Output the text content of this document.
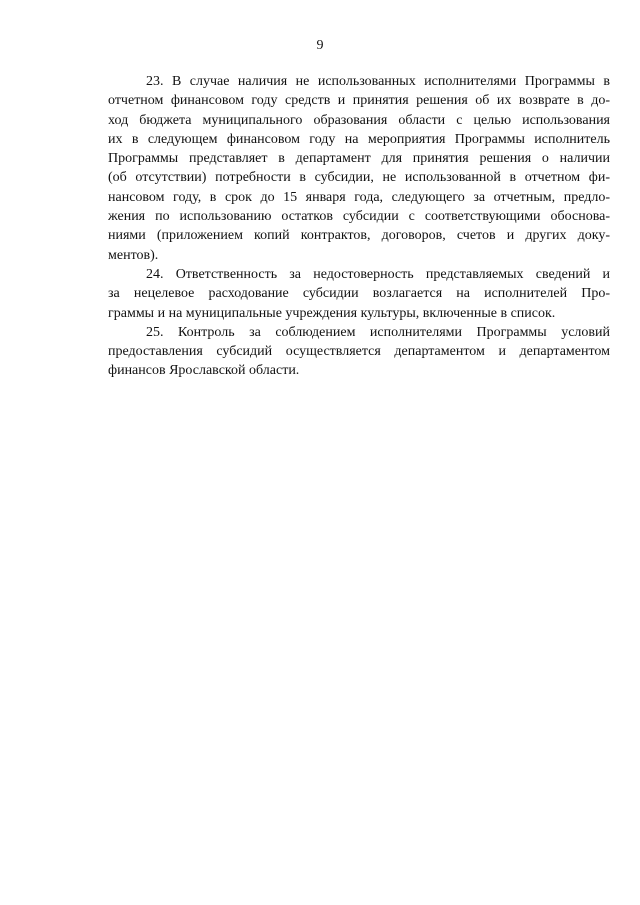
9
23. В случае наличия не использованных исполнителями Программы в
отчетном финансовом году средств и принятия решения об их возврате в до-
ход бюджета муниципального образования области с целью использования
их в следующем финансовом году на мероприятия Программы исполнитель
Программы представляет в департамент для принятия решения о наличии
(об отсутствии) потребности в субсидии, не использованной в отчетном фи-
нансовом году, в срок до 15 января года, следующего за отчетным, предло-
жения по использованию остатков субсидии с соответствующими обоснова-
ниями (приложением копий контрактов, договоров, счетов и других доку-
ментов).
24. Ответственность за недостоверность представляемых сведений и
за нецелевое расходование субсидии возлагается на исполнителей Про-
граммы и на муниципальные учреждения культуры, включенные в список.
25. Контроль за соблюдением исполнителями Программы условий
предоставления субсидий осуществляется департаментом и департаментом
финансов Ярославской области.
